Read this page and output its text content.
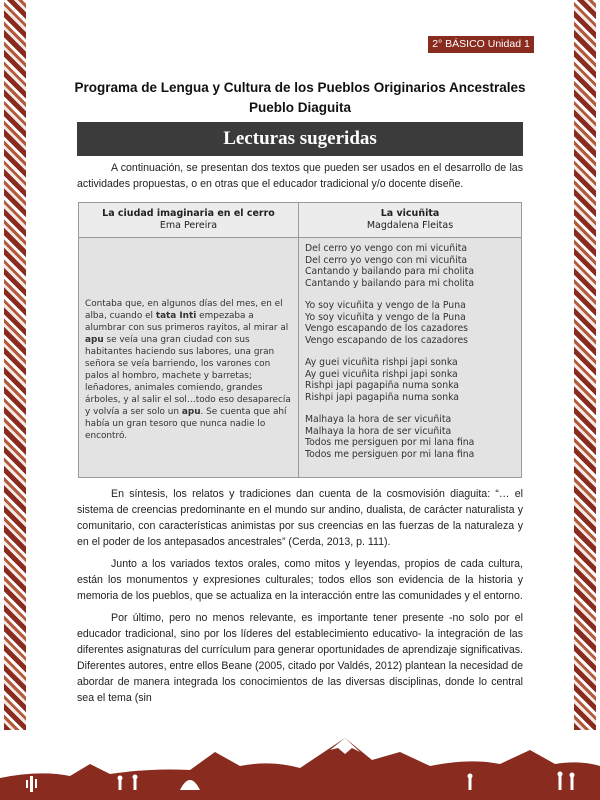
2° BÁSICO Unidad 1
Programa de Lengua y Cultura de los Pueblos Originarios Ancestrales
Pueblo Diaguita
Lecturas sugeridas
A continuación, se presentan dos textos que pueden ser usados en el desarrollo de las actividades propuestas, o en otras que el educador tradicional y/o docente diseñe.
La ciudad imaginaria en el cerro
Ema Pereira
La vicuñita
Magdalena Fleitas
Contaba que, en algunos días del mes, en el alba, cuando el tata Inti empezaba a alumbrar con sus primeros rayitos, al mirar al apu se veía una gran ciudad con sus habitantes haciendo sus labores, una gran señora se veía barriendo, los varones con palos al hombro, machete y barretas; leñadores, animales comiendo, grandes árboles, y al salir el sol…todo eso desaparecía y volvía a ser solo un apu. Se cuenta que ahí había un gran tesoro que nunca nadie lo encontró.
Del cerro yo vengo con mi vicuñita
Del cerro yo vengo con mi vicuñita
Cantando y bailando para mi cholita
Cantando y bailando para mi cholita
Yo soy vicuñita y vengo de la Puna
Yo soy vicuñita y vengo de la Puna
Vengo escapando de los cazadores
Vengo escapando de los cazadores
Ay guei vicuñita rishpi japi sonka
Ay guei vicuñita rishpi japi sonka
Rishpi japi pagapiña numa sonka
Rishpi japi pagapiña numa sonka
Malhaya la hora de ser vicuñita
Malhaya la hora de ser vicuñita
Todos me persiguen por mi lana fina
Todos me persiguen por mi lana fina
En síntesis, los relatos y tradiciones dan cuenta de la cosmovisión diaguita: “… el sistema de creencias predominante en el mundo sur andino, dualista, de carácter naturalista y comunitario, con características animistas por sus creencias en las fuerzas de la naturaleza y en el poder de los antepasados ancestrales” (Cerda, 2013, p. 111).
Junto a los variados textos orales, como mitos y leyendas, propios de cada cultura, están los monumentos y expresiones culturales; todos ellos son evidencia de la historia y memoria de los pueblos, que se actualiza en la interacción entre las comunidades y el entorno.
Por último, pero no menos relevante, es importante tener presente -no solo por el educador tradicional, sino por los líderes del establecimiento educativo- la integración de las diferentes asignaturas del currículum para generar oportunidades de aprendizaje significativas. Diferentes autores, entre ellos Beane (2005, citado por Valdés, 2012) plantean la necesidad de abordar de manera integrada los conocimientos de las diversas disciplinas, donde lo central sea el tema (sin
